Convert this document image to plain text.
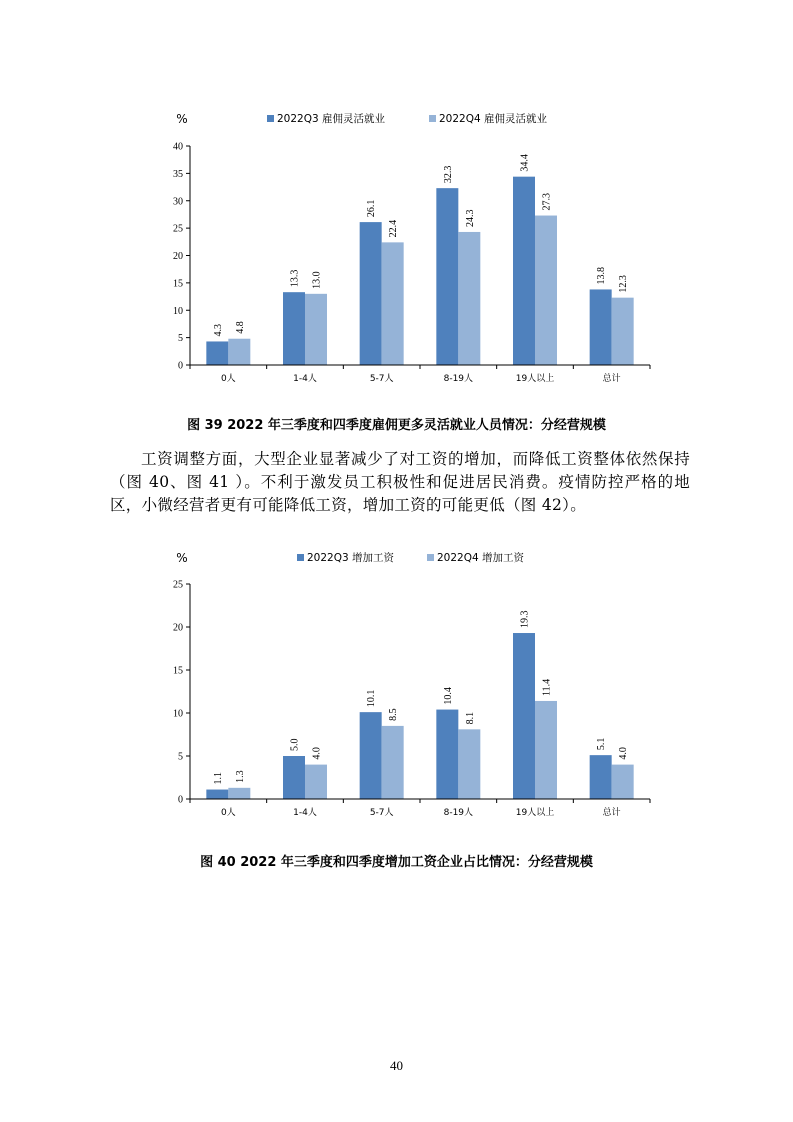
%	2022Q3 雇佣灵活就业	2022Q4 雇佣灵活就业
0
5
10
15
20
25
30
35
40
4.3 4.8
0人
13.3 13.0
1-4人
26.1
22.4
5-7人
32.3
24.3
8-19人
34.4
27.3
19人以上
13.8 12.3
总计
图 39 2022 年三季度和四季度雇佣更多灵活就业人员情况：分经营规模

工资调整方面，大型企业显著减少了对工资的增加，而降低工资整体依然保持（图 40、图 41 ）。不利于激发员工积极性和促进居民消费。疫情防控严格的地区，小微经营者更有可能降低工资，增加工资的可能更低（图 42）。

%	2022Q3 增加工资	2022Q4 增加工资
0
5
10
15
20
25
1.1 1.3
0人
5.0
4.0
1-4人
10.1
8.5
5-7人
10.4
8.1
8-19人
19.3
11.4
19人以上
5.1
4.0
总计
图 40 2022 年三季度和四季度增加工资企业占比情况：分经营规模
40
